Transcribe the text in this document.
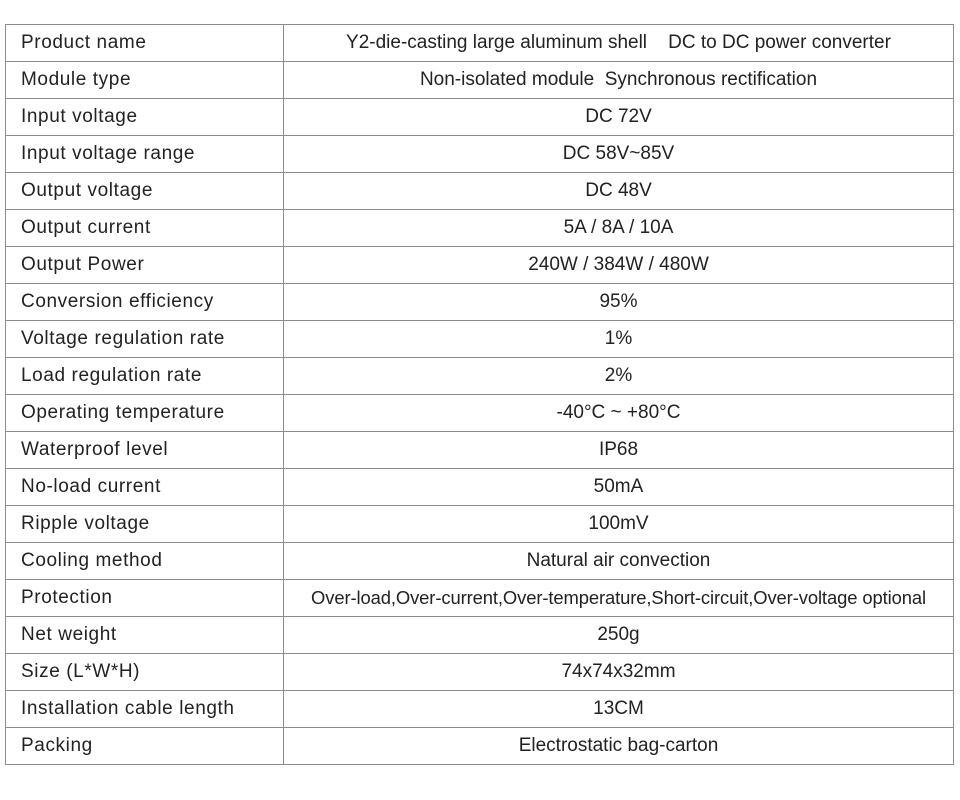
Product name	Y2-die-casting large aluminum shell    DC to DC power converter
Module type	Non-isolated module  Synchronous rectification
Input voltage	DC 72V
Input voltage range	DC 58V~85V
Output voltage	DC 48V
Output current	5A / 8A / 10A
Output Power	240W / 384W / 480W
Conversion efficiency	95%
Voltage regulation rate	1%
Load regulation rate	2%
Operating temperature	-40°C ~ +80°C
Waterproof level	IP68
No-load current	50mA
Ripple voltage	100mV
Cooling method	Natural air convection
Protection	Over-load,Over-current,Over-temperature,Short-circuit,Over-voltage optional
Net weight	250g
Size (L*W*H)	74x74x32mm
Installation cable length	13CM
Packing	Electrostatic bag-carton
